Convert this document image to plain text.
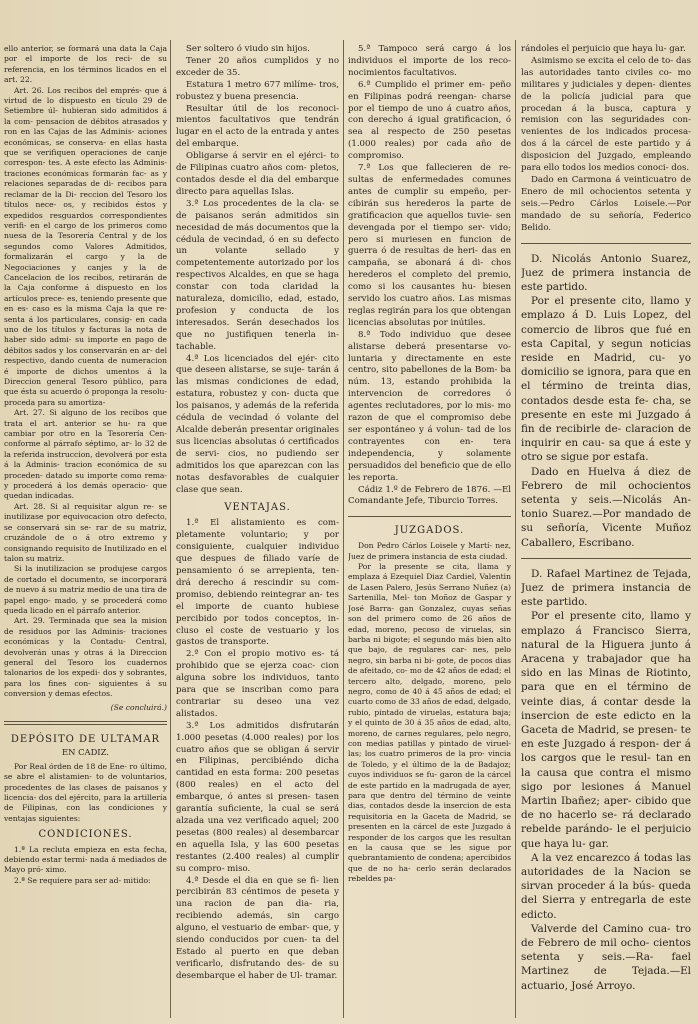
ello anterior, se formará una data la Caja por el importe de los reci- de su referencia, en los términos licados en el art. 22.

Art. 26. Los recibos del emprés- que á virtud de lo dispuesto en tículo 29 de Setiembre úl- hubieran sido admitidos á la com- pensacion de débitos atrasados y ron en las Cajas de las Adminis- aciones económicas, se conserva- en ellas hasta que se verifiquen operaciones de canje correspon- tes. A este efecto las Adminis- traciones económicas formarán fac- as y relaciones separadas de di- recibos para reclamar de la Di- reccion del Tesoro los títulos nece- os, y recibidos éstos y expedidos resguardos correspondientes verifi- en el cargo de los primeros como nuesa de la Tesorería Central y de los segundos como Valores Admitidos, formalizarán el cargo y la de Negociaciones y canjes y la de Cancelacion de los recibos, retirarán de la Caja conforme á dispuesto en los artículos prece- es, teniendo presente que en es- caso es la misma Caja la que re- senta á los particulares, consig- en cada uno de los títulos y facturas la nota de haber sido admi- su importe en pago de débitos sados y los conservarán en ar- del respectivo, dando cuenta de numeracion é importe de dichos umentos á la Direccion general Tesoro público, para que ésta su acuerdo ó proponga la resolu- proceda para su amortiza-

Art. 27. Si alguno de los recibos que trata el art. anterior se hu- ra que cambiar por otro en la Tesorería Cen- conforme al párrafo séptimo, ar- lo 32 de la referida instruccion, devolverá por esta á la Adminis- tracion económica de su proceden- datado su importe como rema- y procederá á los demás operacio- que quedan indicadas.

Art. 28. Si al requisitar algun re- se inutilizase por equivocacion otro defecto, se conservará sin se- rar de su matriz, cruzándole de o á otro extremo y consignando requisito de Inutilizado en el talon su matriz.

Si la inutilizacion se produjese cargos de cortado el documento, se incorporará de nuevo á su matriz medio de una tira de papel engo- mado, y se procederá como queda licado en el párrafo anterior.

Art. 29. Terminada que sea la mision de residuos por las Adminis- traciones económicas y la Contadu- Central, devolverán unas y otras á la Direccion general del Tesoro los cuadernos talonarios de los expedi- dos y sobrantes, para los fines con- siguientes á su conversion y demas efectos.

(Se concluirá.)
DEPÓSITO DE ULTAMAR
EN CADIZ.

Por Real órden de 18 de Ene- ro último, se abre el alistamien- to de voluntarios, procedentes de las clases de paisanos y licencia- dos del ejército, para la artillería de Filipinas, con las condiciones y ventajas siguientes:

CONDICIONES.

1.ª La recluta empieza en esta fecha, debiendo estar termi- nada á mediados de Mayo pró- ximo.

2.ª Se requiere para ser ad- mitido:

Ser soltero ó viudo sin hijos.

Tener 20 años cumplidos y no exceder de 35.

Estatura 1 metro 677 milíme- tros, robustez y buena presencia.

Resultar útil de los reconoci- mientos facultativos que tendrán lugar en el acto de la entrada y antes del embarque.

Obligarse á servir en el ejérci- to de Filipinas cuatro años com- pletos, contados desde el dia del embarque directo para aquellas Islas.

3.ª Los procedentes de la cla- se de paisanos serán admitidos sin necesidad de más documentos que la cédula de vecindad, ó en su defecto un volante sellado y competentemente autorizado por los respectivos Alcaldes, en que se haga constar con toda claridad la naturaleza, domicilio, edad, estado, profesion y conducta de los interesados. Serán desechados los que no justifiquen tenerla in- tachable.

4.ª Los licenciados del ejér- cito que deseen alistarse, se suje- tarán á las mismas condiciones de edad, estatura, robustez y con- ducta que los paisanos, y además de la referida cédula de vecindad ó volante del Alcalde deberán presentar originales sus licencias absolutas ó certificados de servi- cios, no pudiendo ser admitidos los que aparezcan con las notas desfavorables de cualquier clase que sean.

VENTAJAS.

1.ª El alistamiento es com- pletamente voluntario; y por consiguiente, cualquier individuo que despues de filiado varíe de pensamiento ó se arrepienta, ten- drá derecho á rescindir su com- promiso, debiendo reintegrar an- tes el importe de cuanto hubiese percibido por todos conceptos, in- cluso el coste de vestuario y los gastos de transporte.

2.ª Con el propio motivo es- tá prohibido que se ejerza coac- cion alguna sobre los individuos, tanto para que se inscriban como para contrariar su deseo una vez alistados.

3.ª Los admitidos disfrutarán 1.000 pesetas (4.000 reales) por los cuatro años que se obligan á servir en Filipinas, percibiéndo dicha cantidad en esta forma: 200 pesetas (800 reales) en el acto del embarque, ó antes si presen- tasen garantía suficiente, la cual se será alzada una vez verificado aquel; 200 pesetas (800 reales) al desembarcar en aquella Isla, y las 600 pesetas restantes (2.400 reales) al cumplir su compro- miso.

4.ª Desde el dia en que se fi- lien percibirán 83 céntimos de peseta y una racion de pan dia- ria, recibiendo además, sin cargo alguno, el vestuario de embar- que, y siendo conducidos por cuen- ta del Estado al puerto en que deban verificarlo, disfrutando des- de su desembarque el haber de Ul- tramar.

5.ª Tampoco será cargo á los individuos el importe de los reco- nocimientos facultativos.

6.ª Cumplido el primer em- peño en Filipinas podrá reengan- charse por el tiempo de uno á cuatro años, con derecho á igual gratificacion, ó sea al respecto de 250 pesetas (1.000 reales) por cada año de compromiso.

7.ª Los que fallecieren de re- sultas de enfermedades comunes antes de cumplir su empeño, per- cibirán sus herederos la parte de gratificacion que aquellos tuvie- sen devengada por el tiempo ser- vido; pero si muriesen en funcion de guerra ó de resultas de heri- das en campaña, se abonará á di- chos herederos el completo del premio, como si los causantes hu- biesen servido los cuatro años. Las mismas reglas regirán para los que obtengan licencias absolutas por inútiles.

8.ª Todo individuo que desee alistarse deberá presentarse vo- luntaria y directamente en este centro, sito pabellones de la Bom- ba núm. 13, estando prohibida la intervencion de corredores ó agentes reclutadores, por lo mis- mo razon de que el compromiso debe ser espontáneo y á volun- tad de los contrayentes con en- tera independencia, y solamente persuadidos del beneficio que de ello les reporta.

Cádiz 1.º de Febrero de 1876. —El Comandante Jefe, Tiburcio Torres.

JUZGADOS.

Don Pedro Cárlos Loisele y Martí- nez, Juez de primera instancia de esta ciudad.

Por la presente se cita, llama y emplaza á Ezequiel Diaz Cardiel, Valentin de Lasen Palero, Jesús Serrano Nuñez (a) Sartenilla, Mel- ton Moñoz de Gaspar y José Barra- gan Gonzalez, cuyas señas son del primero como de 26 años de edad, moreno, pecoso de viruelas, sin barba ni bigote; el segundo más bien alto que bajo, de regulares car- nes, pelo negro, sin barba ni bi- gote, de pocos dias de afeitado, co- mo de 42 años de edad; el tercero alto, delgado, moreno, pelo negro, como de 40 á 45 años de edad; el cuarto como de 33 años de edad, delgado, rubio, pintado de viruelas, estatura baja; y el quinto de 30 á 35 años de edad, alto, moreno, de carnes regulares, pelo negro, con medias patillas y pintado de viruel- las; los cuatro primeros de la pro- vincia de Toledo, y el último de la de Badajoz; cuyos individuos se fu- garon de la cárcel de este partido en la madrugada de ayer, para que dentro del término de veinte dias, contados desde la insercion de esta requisitoria en la Gaceta de Madrid, se presenten en la cárcel de este Juzgado á responder de los cargos que les resultan en la causa que se les sigue por quebrantamiento de condena; apercibidos que de no ha- cerlo serán declarados rebeldes pa-

rándoles el perjuicio que haya lu- gar.

Asimismo se excita el celo de to- das las autoridades tanto civiles co- mo militares y judiciales y depen- dientes de la policía judicial para que procedan á la busca, captura y remision con las seguridades con- venientes de los indicados procesa- dos á la cárcel de este partido y á disposicion del Juzgado, empleando para ello todos los medios conoci- dos.

Dado en Carmona á veinticuatro de Enero de mil ochocientos setenta y seis.—Pedro Cárlos Loisele.—Por mandado de su señoría, Federico Belido.

D. Nicolás Antonio Suarez, Juez de primera instancia de este partido.

Por el presente cito, llamo y emplazo á D. Luis Lopez, del comercio de libros que fué en esta Capital, y segun noticias reside en Madrid, cu- yo domicilio se ignora, para que en el término de treinta dias, contados desde esta fe- cha, se presente en este mi Juzgado á fin de recibirle de- claracion de inquirir en cau- sa que á este y otro se sigue por estafa.

Dado en Huelva á diez de Febrero de mil ochocientos setenta y seis.—Nicolás An- tonio Suarez.—Por mandado de su señoría, Vicente Muñoz Caballero, Escribano.

D. Rafael Martinez de Tejada, Juez de primera instancia de este partido.

Por el presente cito, llamo y emplazo á Francisco Sierra, natural de la Higuera junto á Aracena y trabajador que ha sido en las Minas de Riotinto, para que en el término de veinte dias, á contar desde la insercion de este edicto en la Gaceta de Madrid, se presen- te en este Juzgado á respon- der á los cargos que le resul- tan en la causa que contra el mismo sigo por lesiones á Manuel Martin Ibañez; aper- cibido que de no hacerlo se- rá declarado rebelde parándo- le el perjuicio que haya lu- gar.

A la vez encarezco á todas las autoridades de la Nacion se sirvan proceder á la bús- queda del Sierra y entregarla de este edicto.

Valverde del Camino cua- tro de Febrero de mil ocho- cientos setenta y seis.—Ra- fael Martinez de Tejada.—El actuario, José Arroyo.
